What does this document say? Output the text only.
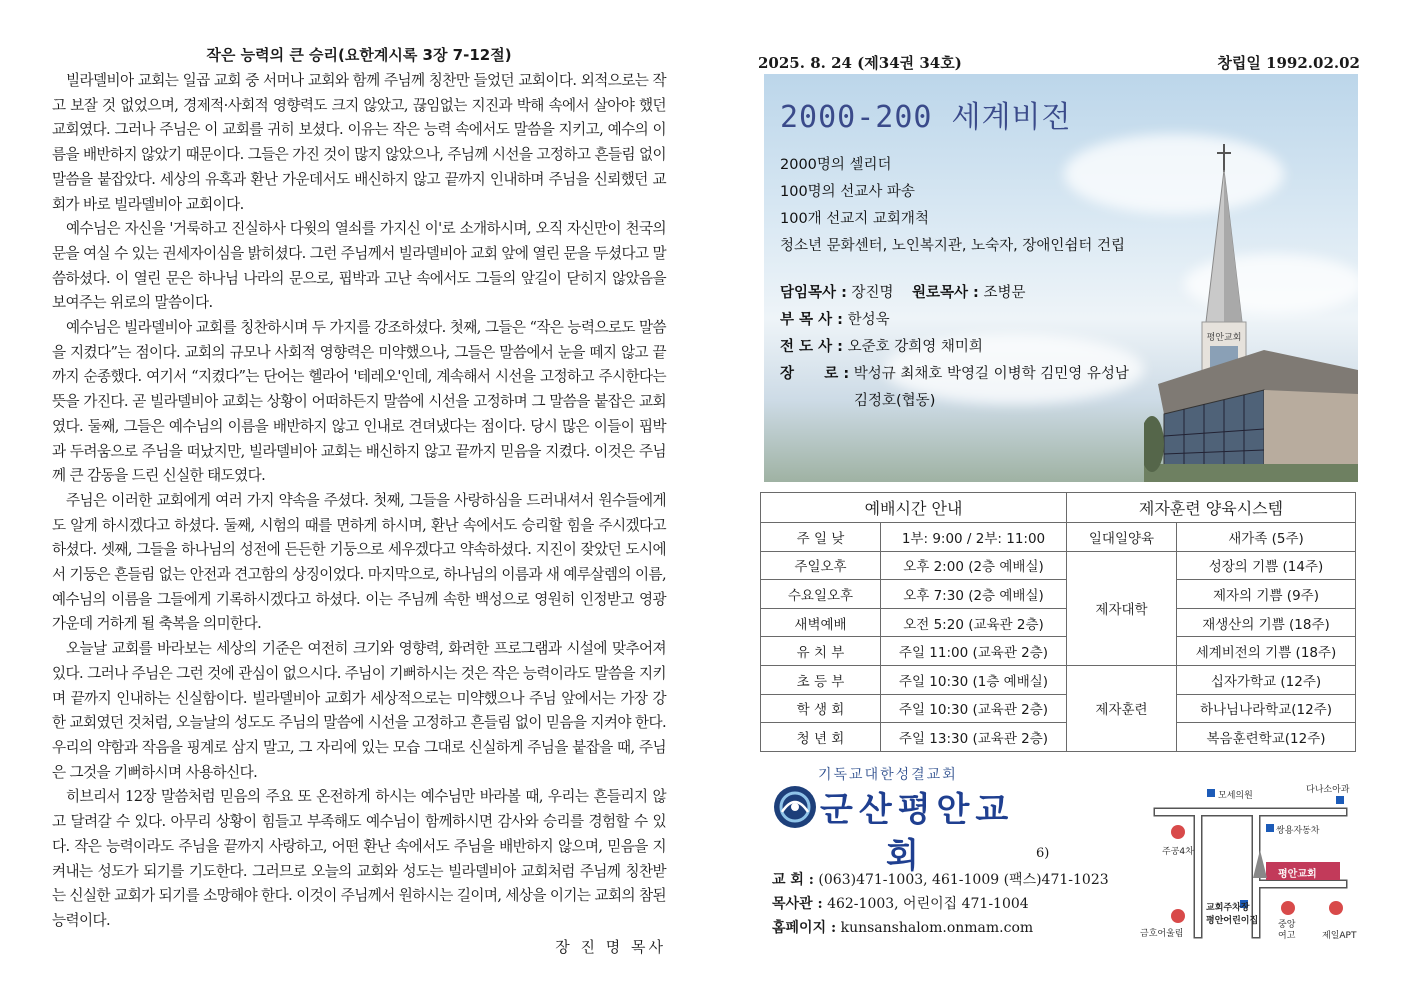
작은 능력의 큰 승리(요한계시록 3장 7-12절)

빌라델비아 교회는 일곱 교회 중 서머나 교회와 함께 주님께 칭찬만 들었던 교회이다. 외적으로는 작고 보잘 것 없었으며, 경제적·사회적 영향력도 크지 않았고, 끊임없는 지진과 박해 속에서 살아야 했던 교회였다. 그러나 주님은 이 교회를 귀히 보셨다. 이유는 작은 능력 속에서도 말씀을 지키고, 예수의 이름을 배반하지 않았기 때문이다. 그들은 가진 것이 많지 않았으나, 주님께 시선을 고정하고 흔들림 없이 말씀을 붙잡았다. 세상의 유혹과 환난 가운데서도 배신하지 않고 끝까지 인내하며 주님을 신뢰했던 교회가 바로 빌라델비아 교회이다.

예수님은 자신을 '거룩하고 진실하사 다윗의 열쇠를 가지신 이'로 소개하시며, 오직 자신만이 천국의 문을 여실 수 있는 권세자이심을 밝히셨다. 그런 주님께서 빌라델비아 교회 앞에 열린 문을 두셨다고 말씀하셨다. 이 열린 문은 하나님 나라의 문으로, 핍박과 고난 속에서도 그들의 앞길이 닫히지 않았음을 보여주는 위로의 말씀이다.

예수님은 빌라델비아 교회를 칭찬하시며 두 가지를 강조하셨다. 첫째, 그들은 “작은 능력으로도 말씀을 지켰다”는 점이다. 교회의 규모나 사회적 영향력은 미약했으나, 그들은 말씀에서 눈을 떼지 않고 끝까지 순종했다. 여기서 “지켰다”는 단어는 헬라어 '테레오'인데, 계속해서 시선을 고정하고 주시한다는 뜻을 가진다. 곧 빌라델비아 교회는 상황이 어떠하든지 말씀에 시선을 고정하며 그 말씀을 붙잡은 교회였다. 둘째, 그들은 예수님의 이름을 배반하지 않고 인내로 견뎌냈다는 점이다. 당시 많은 이들이 핍박과 두려움으로 주님을 떠났지만, 빌라델비아 교회는 배신하지 않고 끝까지 믿음을 지켰다. 이것은 주님께 큰 감동을 드린 신실한 태도였다.

주님은 이러한 교회에게 여러 가지 약속을 주셨다. 첫째, 그들을 사랑하심을 드러내셔서 원수들에게도 알게 하시겠다고 하셨다. 둘째, 시험의 때를 면하게 하시며, 환난 속에서도 승리할 힘을 주시겠다고 하셨다. 셋째, 그들을 하나님의 성전에 든든한 기둥으로 세우겠다고 약속하셨다. 지진이 잦았던 도시에서 기둥은 흔들림 없는 안전과 견고함의 상징이었다. 마지막으로, 하나님의 이름과 새 예루살렘의 이름, 예수님의 이름을 그들에게 기록하시겠다고 하셨다. 이는 주님께 속한 백성으로 영원히 인정받고 영광 가운데 거하게 될 축복을 의미한다.

오늘날 교회를 바라보는 세상의 기준은 여전히 크기와 영향력, 화려한 프로그램과 시설에 맞추어져 있다. 그러나 주님은 그런 것에 관심이 없으시다. 주님이 기뻐하시는 것은 작은 능력이라도 말씀을 지키며 끝까지 인내하는 신실함이다. 빌라델비아 교회가 세상적으로는 미약했으나 주님 앞에서는 가장 강한 교회였던 것처럼, 오늘날의 성도도 주님의 말씀에 시선을 고정하고 흔들림 없이 믿음을 지켜야 한다. 우리의 약함과 작음을 핑계로 삼지 말고, 그 자리에 있는 모습 그대로 신실하게 주님을 붙잡을 때, 주님은 그것을 기뻐하시며 사용하신다.

히브리서 12장 말씀처럼 믿음의 주요 또 온전하게 하시는 예수님만 바라볼 때, 우리는 흔들리지 않고 달려갈 수 있다. 아무리 상황이 힘들고 부족해도 예수님이 함께하시면 감사와 승리를 경험할 수 있다. 작은 능력이라도 주님을 끝까지 사랑하고, 어떤 환난 속에서도 주님을 배반하지 않으며, 믿음을 지켜내는 성도가 되기를 기도한다. 그러므로 오늘의 교회와 성도는 빌라델비아 교회처럼 주님께 칭찬받는 신실한 교회가 되기를 소망해야 한다. 이것이 주님께서 원하시는 길이며, 세상을 이기는 교회의 참된 능력이다.

장 진 명 목사
2025. 8. 24 (제34권 34호)	창립일 1992.02.02
평안교회
2000-200 세계비전
2000명의 셀리더
100명의 선교사 파송
100개 선교지 교회개척
청소년 문화센터, 노인복지관, 노숙자, 장애인쉼터 건립
담임목사 : 장진명 원로목사 : 조병문
부 목 사 : 한성욱
전 도 사 : 오준호 강희영 채미희
장      로 : 박성규 최채호 박영길 이병학 김민영 유성남
김정호(협동)
예배시간 안내		제자훈련 양육시스템	
주 일 낮	1부: 9:00 / 2부: 11:00	일대일양육	새가족 (5주)
주일오후	오후 2:00 (2층 예배실)	제자대학	성장의 기쁨 (14주)
수요일오후	오후 7:30 (2층 예배실)		제자의 기쁨 (9주)
새벽예배	오전 5:20 (교육관 2층)		재생산의 기쁨 (18주)
유 치 부	주일 11:00 (교육관 2층)		세계비전의 기쁨 (18주)
초 등 부	주일 10:30 (1층 예배실)	제자훈련	십자가학교 (12주)
학 생 회	주일 10:30 (교육관 2층)		하나님나라학교(12주)
청 년 회	주일 13:30 (교육관 2층)		복음훈련학교(12주)
기독교대한성결교회
군산평안교
회	6)
교 회 : (063)471-1003, 461-1009 (팩스)471-1023
목사관 : 462-1003, 어린이집 471-1004
홈페이지 : kunsanshalom.onmam.com
모세의원
다나소아과
쌍용자동차
주공4차
평안교회
교회주차장
평안어린이집
금호어울림
중앙
여고	제일APT
